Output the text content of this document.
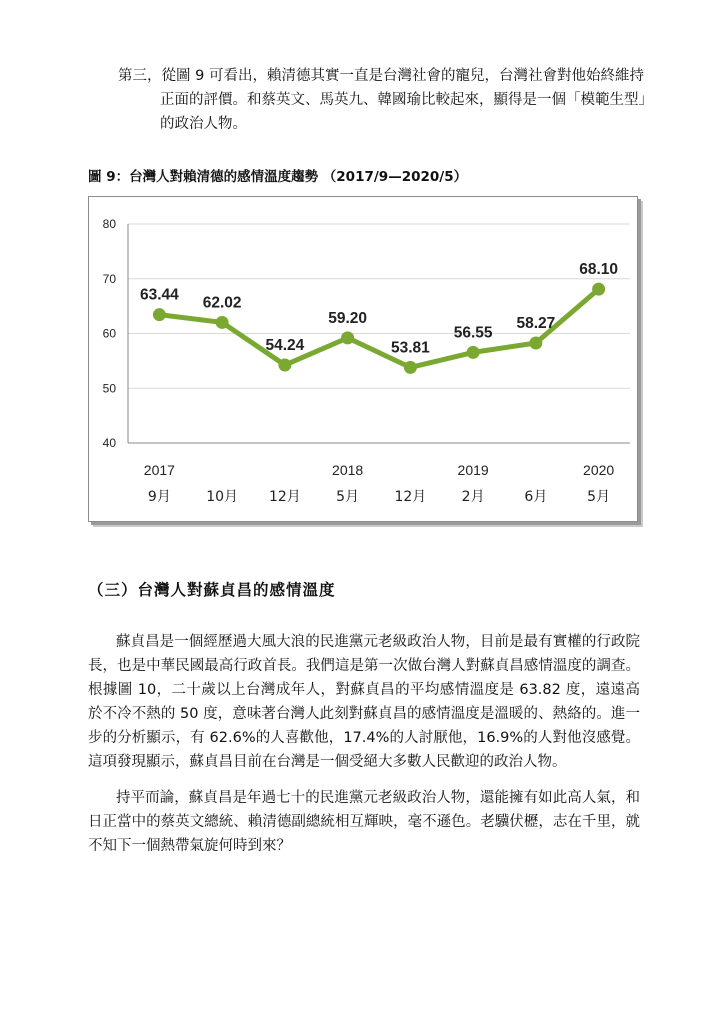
第三，從圖 9 可看出，賴清德其實一直是台灣社會的寵兒，台灣社會對他始終維持
正面的評價。和蔡英文、馬英九、韓國瑜比較起來，顯得是一個「模範生型」
的政治人物。
圖 9：台灣人對賴清德的感情溫度趨勢 （2017/9—2020/5）
80
70
60
50
40
63.44
2017
9月
62.02
10月
54.24
12月
59.20
2018
5月
53.81
12月
56.55
2019
2月
58.27
6月
68.10
2020
5月
（三）台灣人對蘇貞昌的感情溫度
蘇貞昌是一個經歷過大風大浪的民進黨元老級政治人物，目前是最有實權的行政院長，也是中華民國最高行政首長。我們這是第一次做台灣人對蘇貞昌感情溫度的調查。根據圖 10，二十歲以上台灣成年人，對蘇貞昌的平均感情溫度是 63.82 度，遠遠高於不冷不熱的 50 度，意味著台灣人此刻對蘇貞昌的感情溫度是溫暖的、熱絡的。進一步的分析顯示，有 62.6%的人喜歡他，17.4%的人討厭他，16.9%的人對他沒感覺。這項發現顯示，蘇貞昌目前在台灣是一個受絕大多數人民歡迎的政治人物。
持平而論，蘇貞昌是年過七十的民進黨元老級政治人物，還能擁有如此高人氣，和日正當中的蔡英文總統、賴清德副總統相互輝映，毫不遜色。老驥伏櫪，志在千里，就不知下一個熱帶氣旋何時到來？
